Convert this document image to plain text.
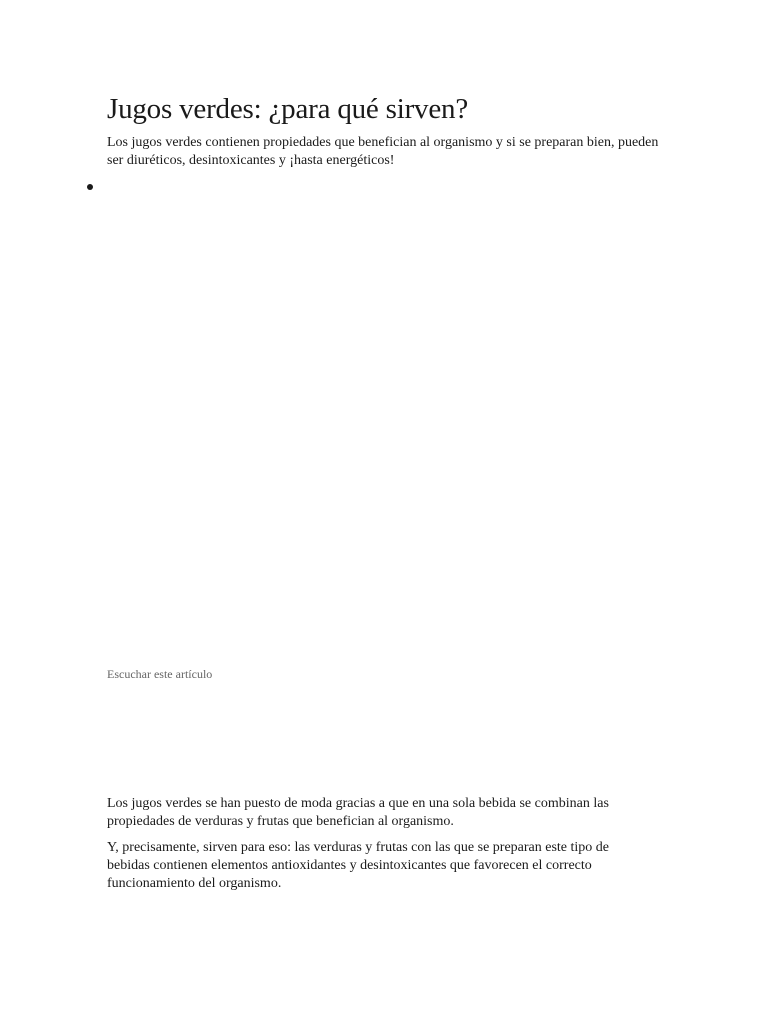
Jugos verdes: ¿para qué sirven?

Los jugos verdes contienen propiedades que benefician al organismo y si se preparan bien, pueden ser diuréticos, desintoxicantes y ¡hasta energéticos!

Escuchar este artículo

Los jugos verdes se han puesto de moda gracias a que en una sola bebida se combinan las propiedades de verduras y frutas que benefician al organismo.

Y, precisamente, sirven para eso: las verduras y frutas con las que se preparan este tipo de bebidas contienen elementos antioxidantes y desintoxicantes que favorecen el correcto funcionamiento del organismo.
